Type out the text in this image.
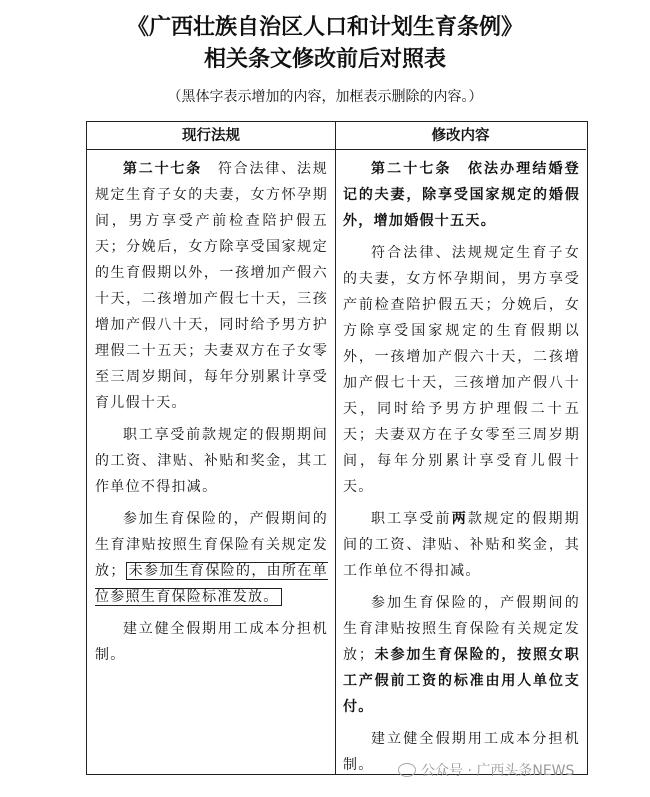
《广西壮族自治区人口和计划生育条例》
相关条文修改前后对照表
（黑体字表示增加的内容，加框表示删除的内容。）
现行法规	修改内容

第二十七条　 符合法律、法规规定生育子女的夫妻，女方怀孕期间，男方享受产前检查陪护假五天；分娩后，女方除享受国家规定的生育假期以外，一孩增加产假六十天，二孩增加产假七十天，三孩增加产假八十天，同时给予男方护理假二十五天；夫妻双方在子女零至三周岁期间，每年分别累计享受育儿假十天。

职工享受前款规定的假期期间的工资、津贴、补贴和奖金，其工作单位不得扣减。

参加生育保险的，产假期间的生育津贴按照生育保险有关规定发放； 未参加生育保险的，由所在单位参照生育保险标准发放。

建立健全假期用工成本分担机制。

第二十七条　 依法办理结婚登记的夫妻，除享受国家规定的婚假外，增加婚假十五天。

符合法律、法规规定生育子女的夫妻，女方怀孕期间，男方享受产前检查陪护假五天；分娩后，女方除享受国家规定的生育假期以外，一孩增加产假六十天，二孩增加产假七十天，三孩增加产假八十天，同时给予男方护理假二十五天；夫妻双方在子女零至三周岁期间，每年分别累计享受育儿假十天。

职工享受前两款规定的假期期间的工资、津贴、补贴和奖金，其工作单位不得扣减。

参加生育保险的，产假期间的生育津贴按照生育保险有关规定发放；未参加生育保险的，按照女职工产假前工资的标准由用人单位支付。

建立健全假期用工成本分担机制。	公众号 · 广西头条NEWS
